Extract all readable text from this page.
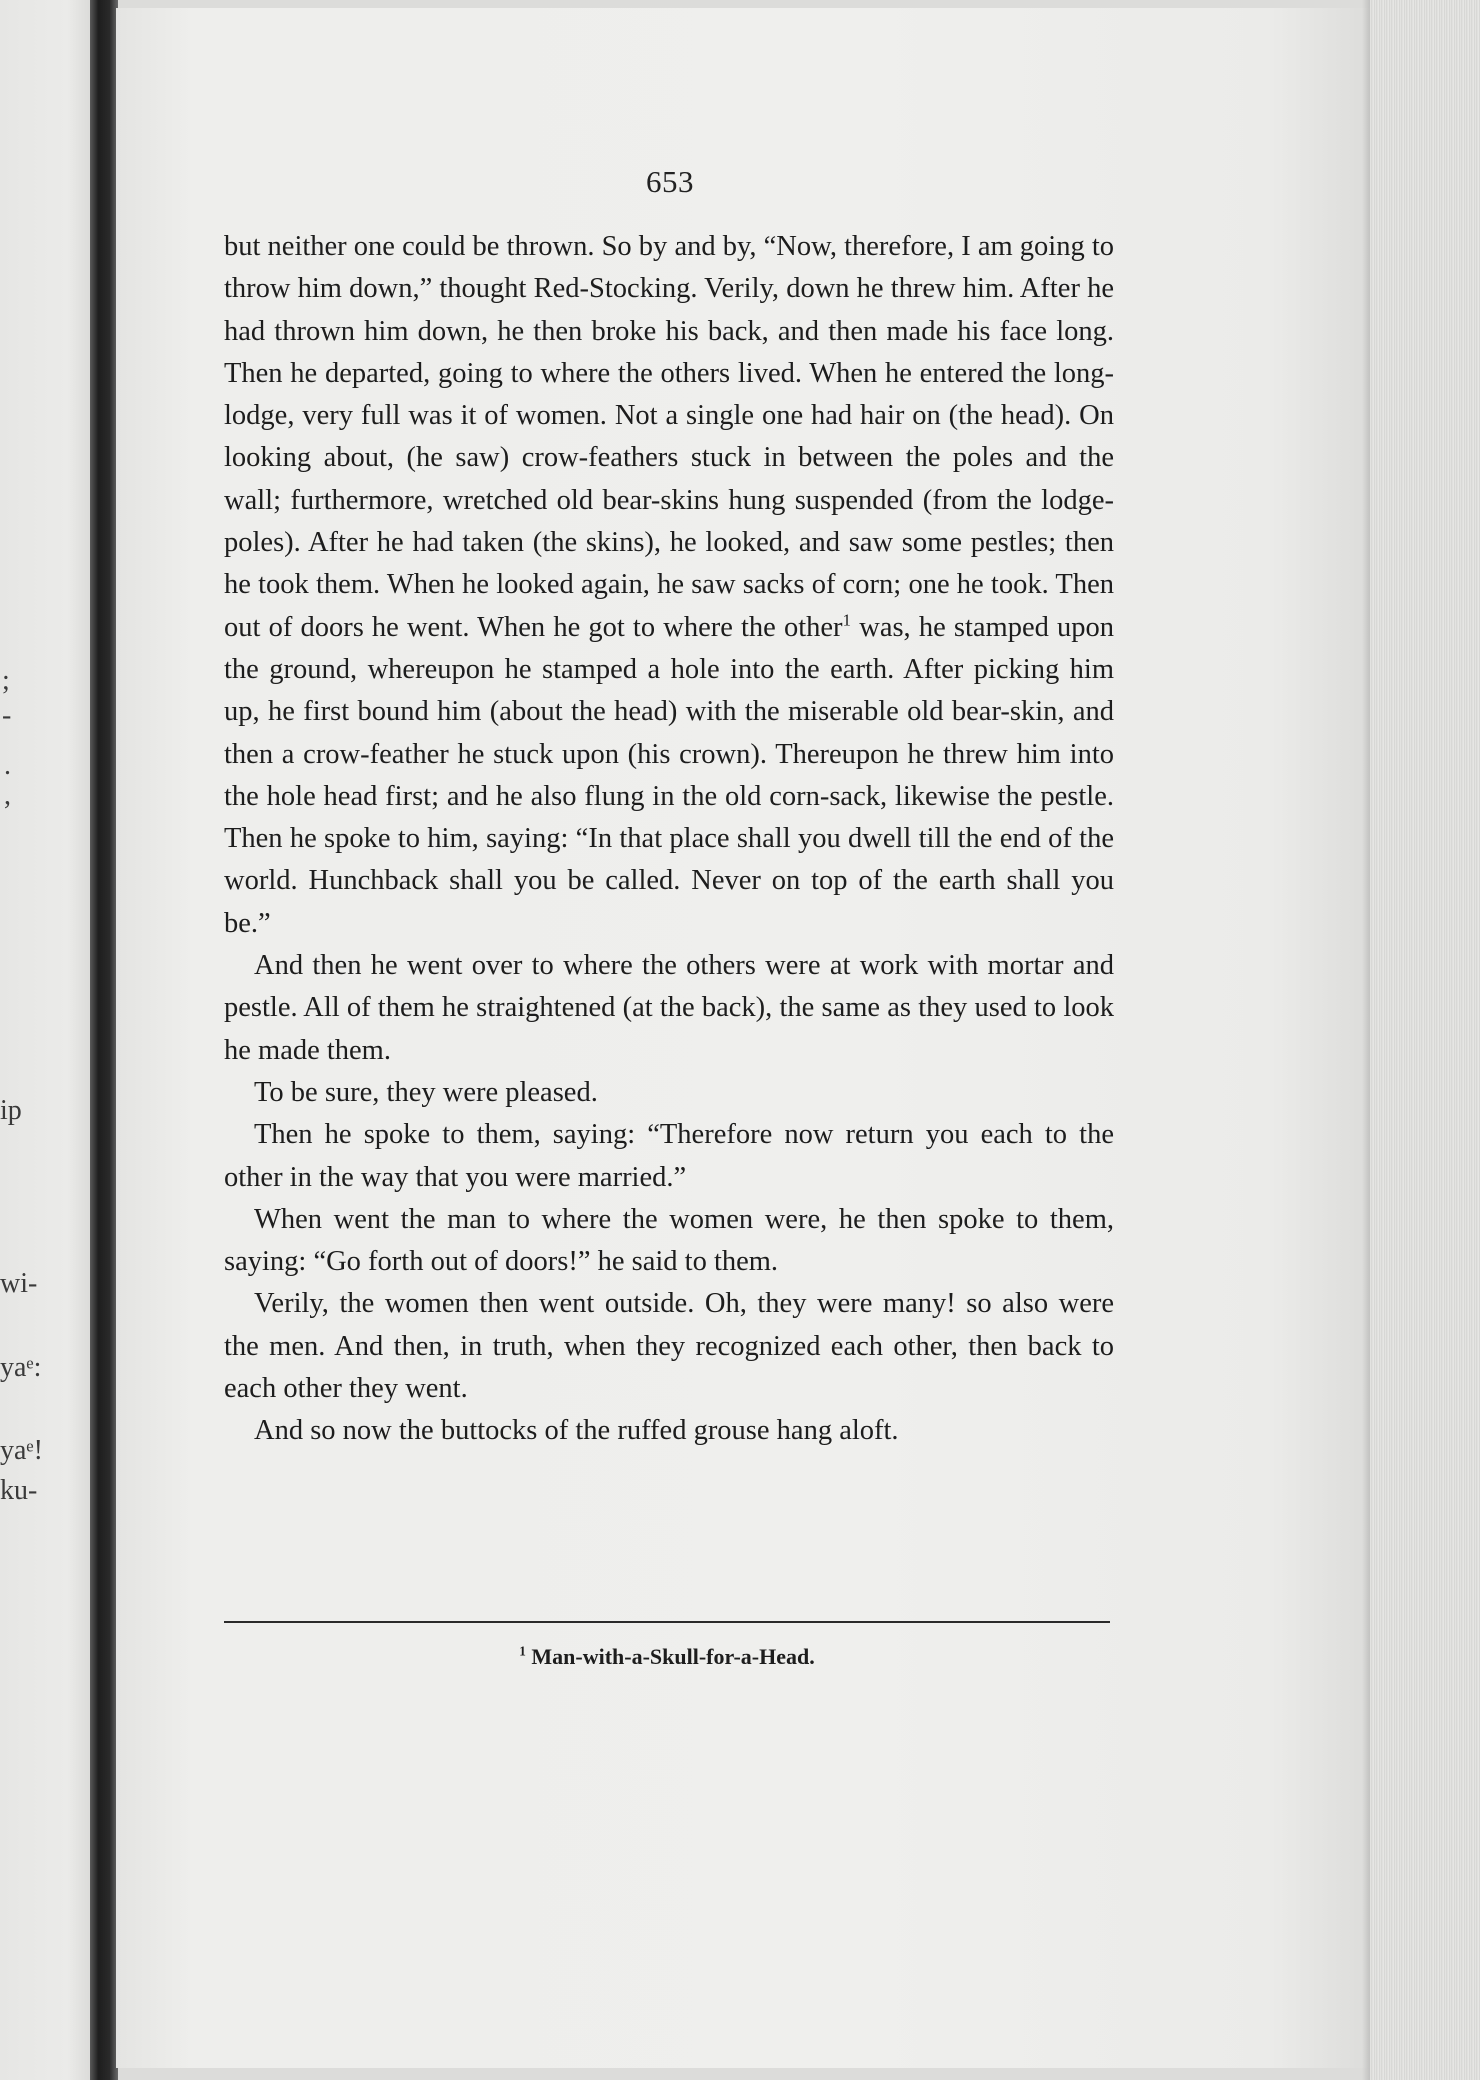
;
-
.
,
ip
wi-
yaᵉ:
yaᵉ!
ku-
653

but neither one could be thrown. So by and by, “Now, therefore, I am going to throw him down,” thought Red-Stocking. Verily, down he threw him. After he had thrown him down, he then broke his back, and then made his face long. Then he departed, going to where the others lived. When he entered the long-lodge, very full was it of women. Not a single one had hair on (the head). On looking about, (he saw) crow-feathers stuck in between the poles and the wall; furthermore, wretched old bear-skins hung suspended (from the lodge-poles). After he had taken (the skins), he looked, and saw some pestles; then he took them. When he looked again, he saw sacks of corn; one he took. Then out of doors he went. When he got to where the other$^1$ was, he stamped upon the ground, whereupon he stamped a hole into the earth. After picking him up, he first bound him (about the head) with the miserable old bear-skin, and then a crow-feather he stuck upon (his crown). Thereupon he threw him into the hole head first; and he also flung in the old corn-sack, likewise the pestle. Then he spoke to him, saying: “In that place shall you dwell till the end of the world. Hunchback shall you be called. Never on top of the earth shall you be.”

And then he went over to where the others were at work with mortar and pestle. All of them he straightened (at the back), the same as they used to look he made them.

To be sure, they were pleased.

Then he spoke to them, saying: “Therefore now return you each to the other in the way that you were married.”

When went the man to where the women were, he then spoke to them, saying: “Go forth out of doors!” he said to them.

Verily, the women then went outside. Oh, they were many! so also were the men. And then, in truth, when they recognized each other, then back to each other they went.

And so now the buttocks of the ruffed grouse hang aloft.

$^1$ Man-with-a-Skull-for-a-Head.
